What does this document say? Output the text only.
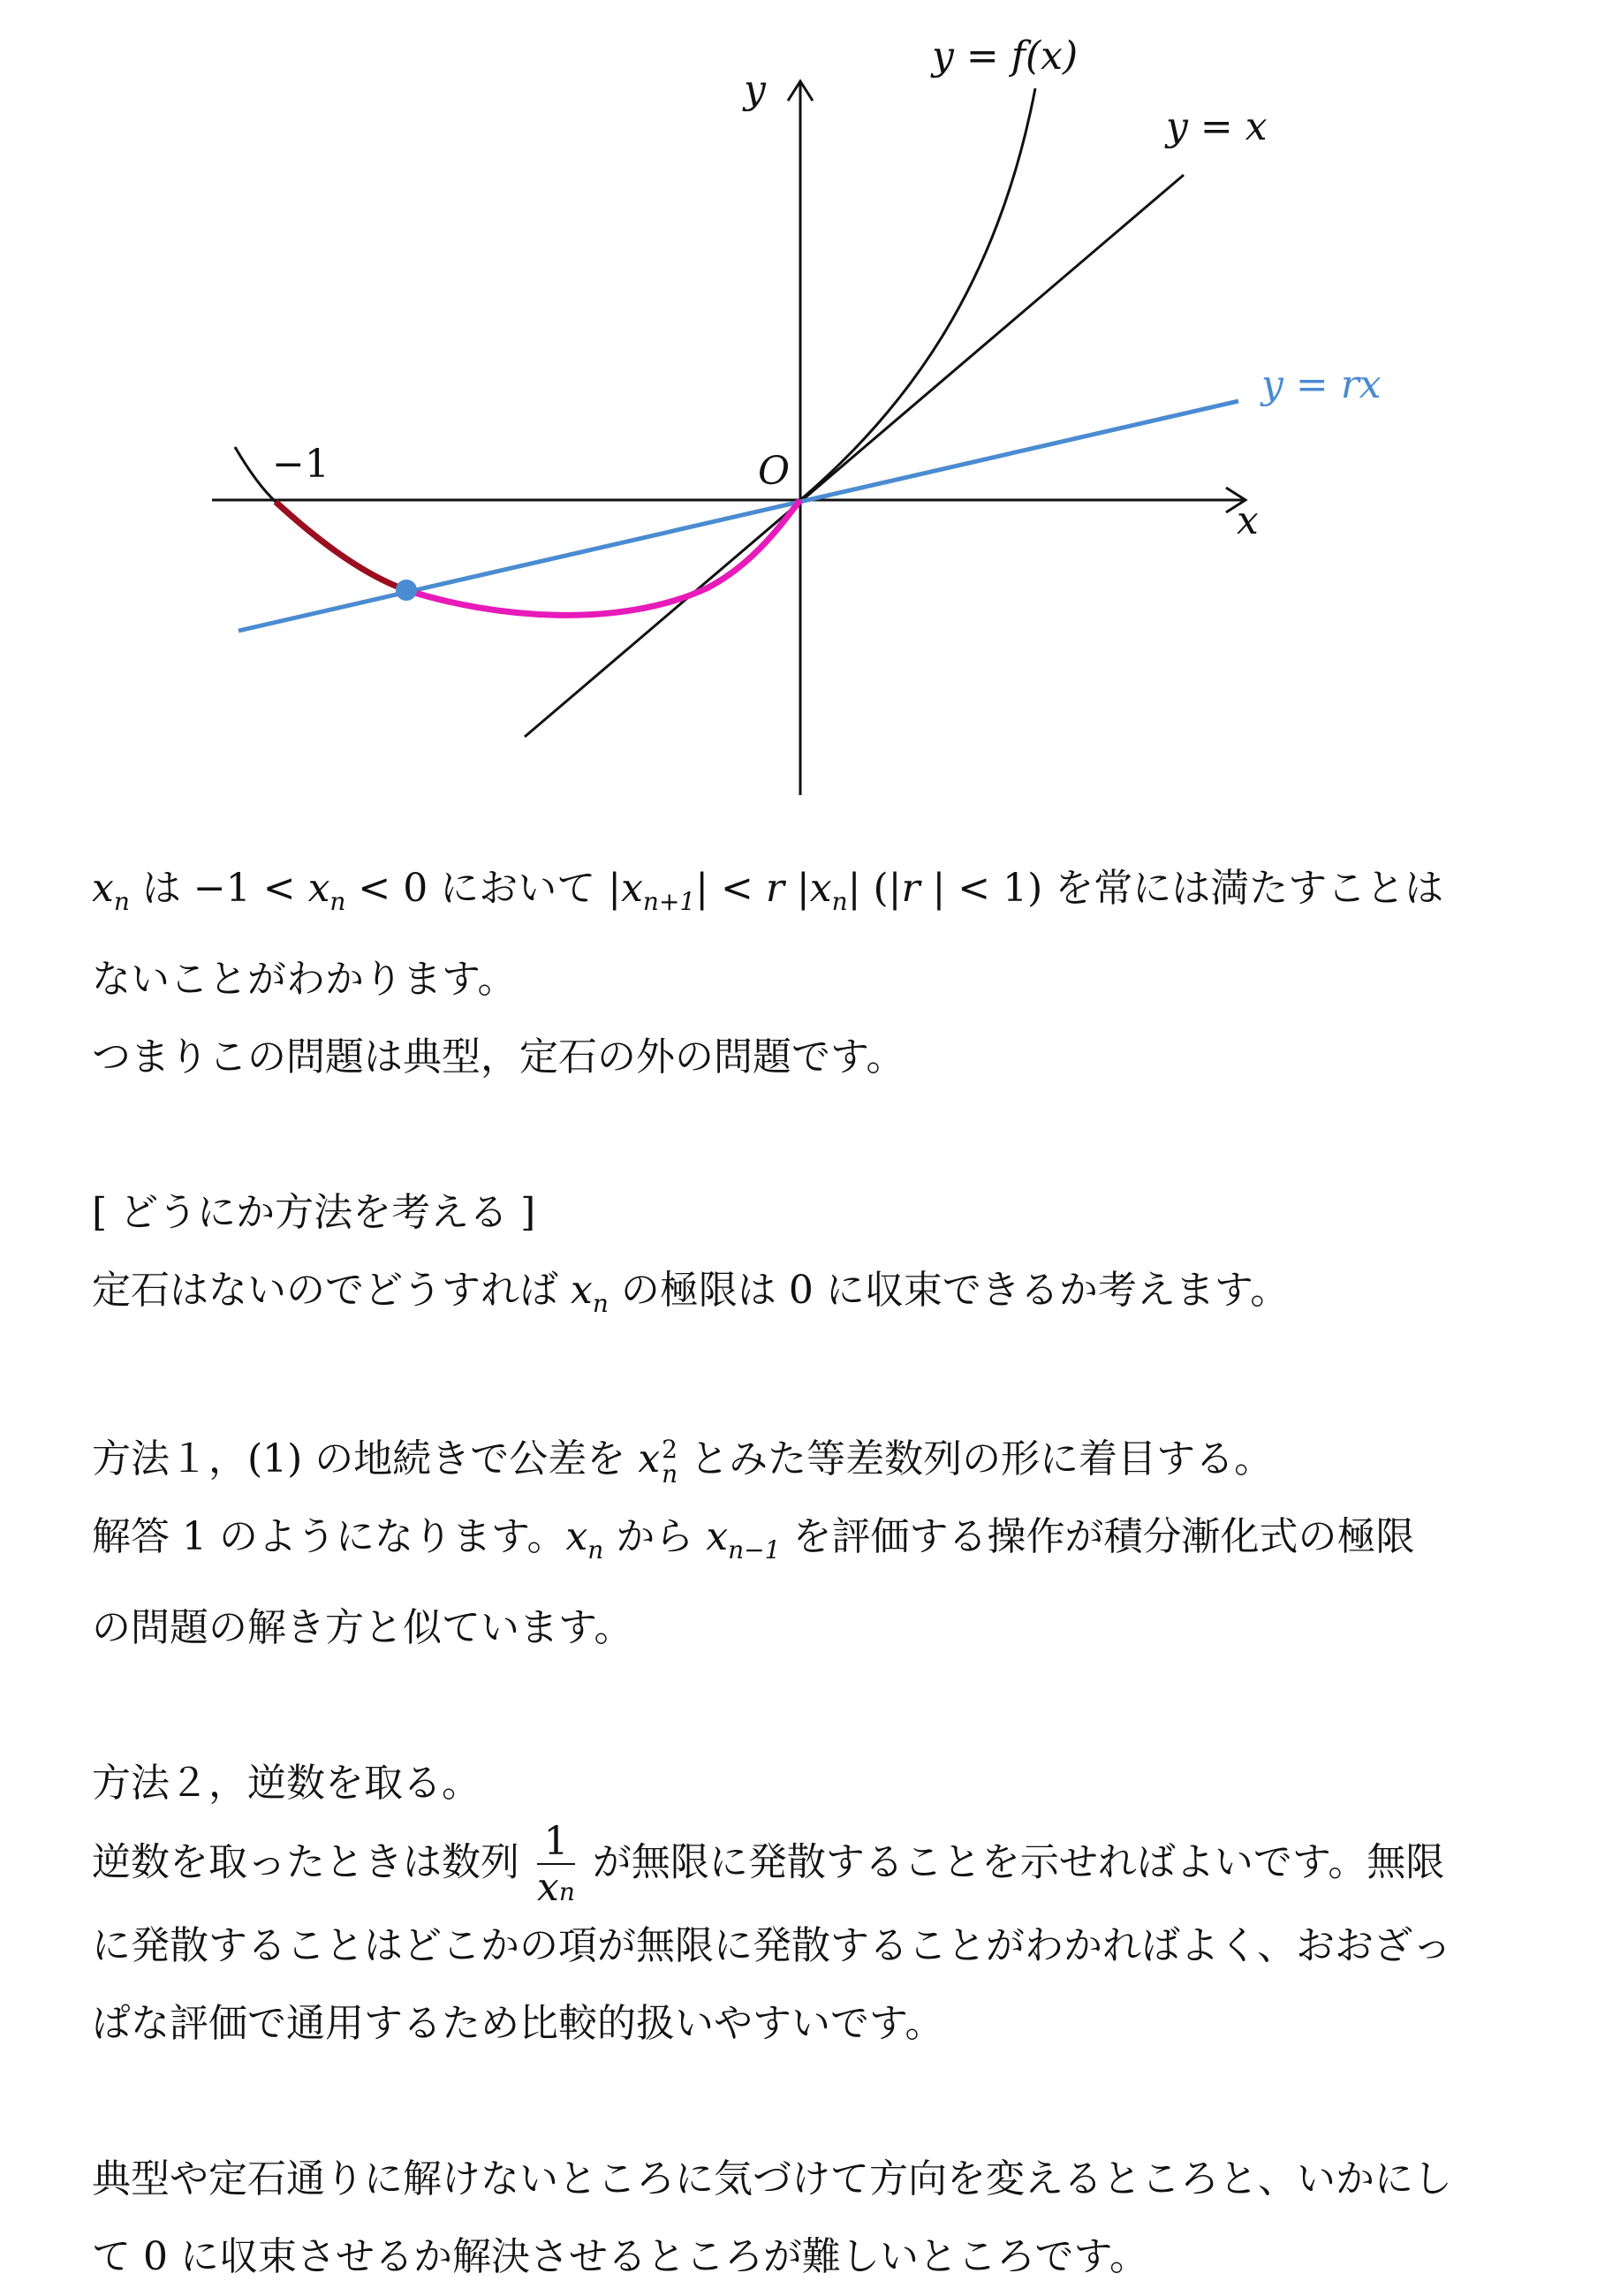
y
x
O
−1
y = f(x)
y = x
y = rx

$x_n$ は $-1 < x_n < 0$ において $|x_{n+1}| < r$ $|x_n|$ (|r | < 1) を常には満たすことは
ないことがわかります。
つまりこの問題は典型，定石の外の問題です。

[ どうにか方法を考える ]
定石はないのでどうすれば $x_n$ の極限は 0 に収束できるか考えます。

方法１，(1) の地続きで公差を x 2
n とみた等差数列の形に着目する。
解答 1 のようになります。$x_n$ から $x_{n-1}$ を評価する操作が積分漸化式の極限
の問題の解き方と似ています。

方法２，逆数を取る。
逆数を取ったときは数列 $\frac{1}{xn}$ が無限に発散することを示せればよいです。無限
に発散することはどこかの項が無限に発散することがわかればよく、おおざっ
ぱな評価で通用するため比較的扱いやすいです。

典型や定石通りに解けないところに気づけて方向を変えるところと、いかにし
て 0 に収束させるか解決させるところが難しいところです。
